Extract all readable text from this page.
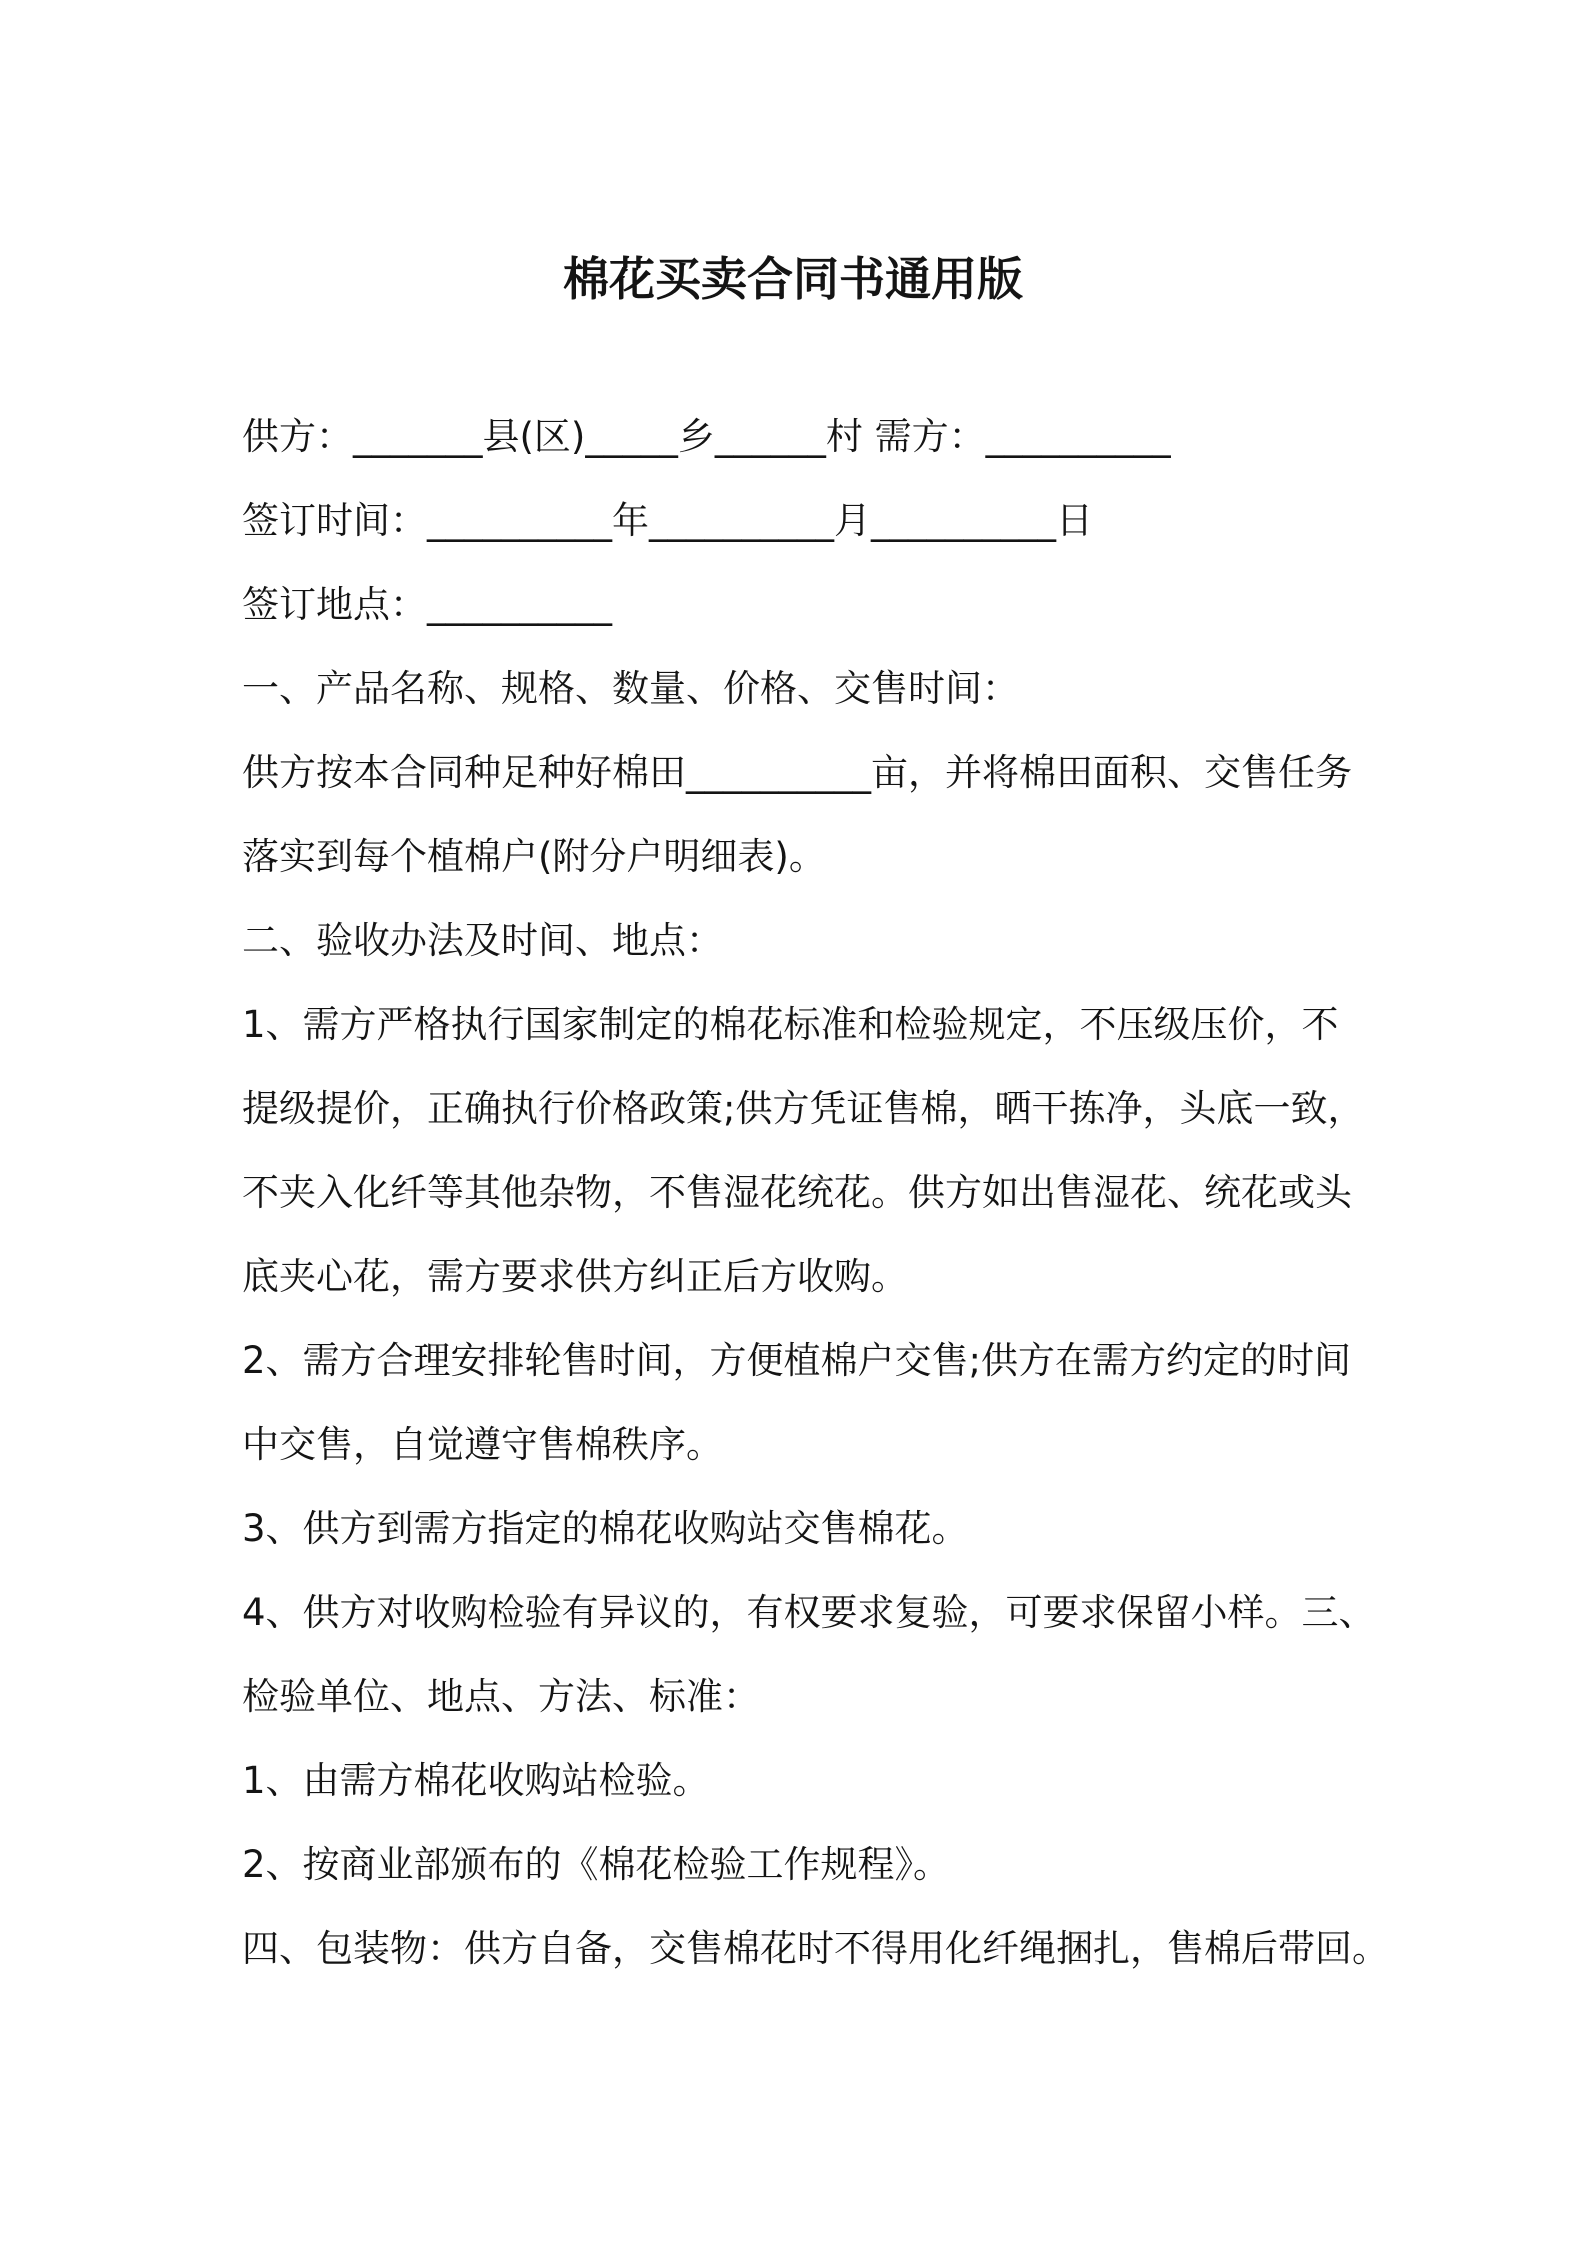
棉花买卖合同书通用版

供方：_______县(区)_____乡______村 需方：__________

签订时间：__________年__________月__________日

签订地点：__________

一、产品名称、规格、数量、价格、交售时间：

供方按本合同种足种好棉田__________亩，并将棉田面积、交售任务

落实到每个植棉户(附分户明细表)。

二、验收办法及时间、地点：

1、需方严格执行国家制定的棉花标准和检验规定，不压级压价，不

提级提价，正确执行价格政策;供方凭证售棉，晒干拣净，头底一致，

不夹入化纤等其他杂物，不售湿花统花。供方如出售湿花、统花或头

底夹心花，需方要求供方纠正后方收购。

2、需方合理安排轮售时间，方便植棉户交售;供方在需方约定的时间

中交售，自觉遵守售棉秩序。

3、供方到需方指定的棉花收购站交售棉花。

4、供方对收购检验有异议的，有权要求复验，可要求保留小样。三、

检验单位、地点、方法、标准：

1、由需方棉花收购站检验。

2、按商业部颁布的《棉花检验工作规程》。

四、包装物：供方自备，交售棉花时不得用化纤绳捆扎，售棉后带回。
